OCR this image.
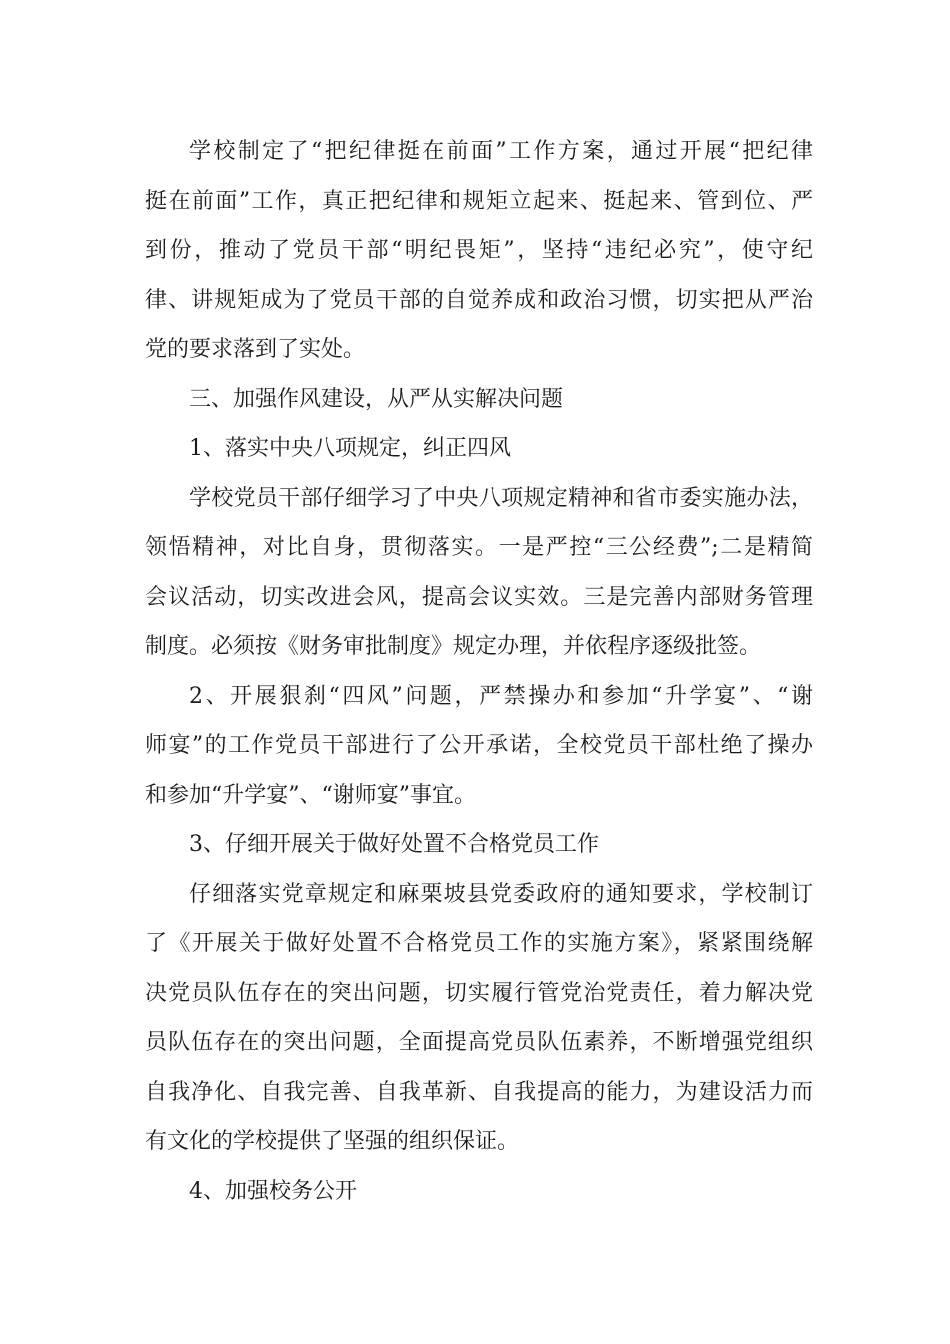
学校制定了“把纪律挺在前面”工作方案，通过开展“把纪律
挺在前面”工作，真正把纪律和规矩立起来、挺起来、管到位、严
到份，推动了党员干部“明纪畏矩”，坚持“违纪必究”，使守纪
律、讲规矩成为了党员干部的自觉养成和政治习惯，切实把从严治
党的要求落到了实处。
三、加强作风建设，从严从实解决问题
1、落实中央八项规定，纠正四风
学校党员干部仔细学习了中央八项规定精神和省市委实施办法，
领悟精神，对比自身，贯彻落实。一是严控“三公经费”;二是精简
会议活动，切实改进会风，提高会议实效。三是完善内部财务管理
制度。必须按《财务审批制度》规定办理，并依程序逐级批签。
2、开展狠刹“四风”问题，严禁操办和参加“升学宴”、“谢
师宴”的工作党员干部进行了公开承诺，全校党员干部杜绝了操办
和参加“升学宴”、“谢师宴”事宜。
3、仔细开展关于做好处置不合格党员工作
仔细落实党章规定和麻栗坡县党委政府的通知要求，学校制订
了《开展关于做好处置不合格党员工作的实施方案》，紧紧围绕解
决党员队伍存在的突出问题，切实履行管党治党责任，着力解决党
员队伍存在的突出问题，全面提高党员队伍素养，不断增强党组织
自我净化、自我完善、自我革新、自我提高的能力，为建设活力而
有文化的学校提供了坚强的组织保证。
4、加强校务公开
